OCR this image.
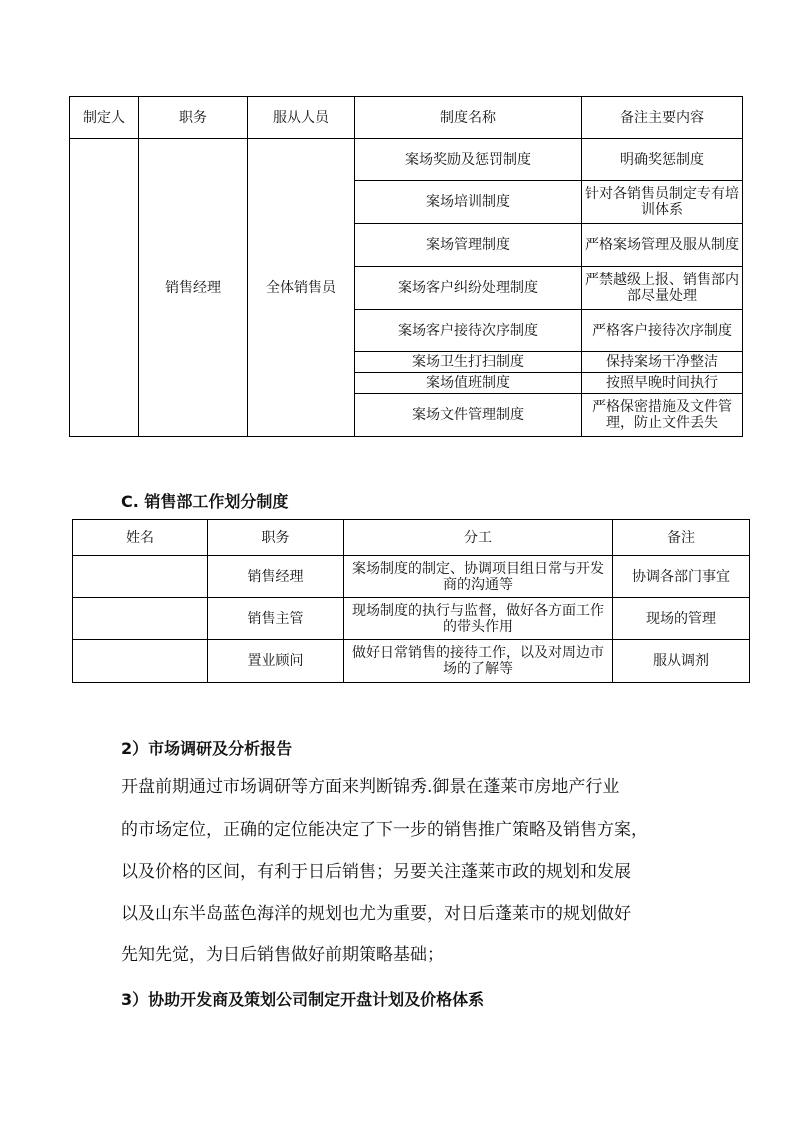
制定人	职务	服从人员	制度名称	备注主要内容
	销售经理	全体销售员	案场奖励及惩罚制度	明确奖惩制度
			案场培训制度	针对各销售员制定专有培训体系
			案场管理制度	严格案场管理及服从制度
			案场客户纠纷处理制度	严禁越级上报、销售部内部尽量处理
			案场客户接待次序制度	严格客户接待次序制度
			案场卫生打扫制度	保持案场干净整洁
			案场值班制度	按照早晚时间执行
			案场文件管理制度	严格保密措施及文件管理，防止文件丢失
C. 销售部工作划分制度
姓名	职务	分工	备注
	销售经理	案场制度的制定、协调项目组日常与开发商的沟通等	协调各部门事宜
	销售主管	现场制度的执行与监督，做好各方面工作的带头作用	现场的管理
	置业顾问	做好日常销售的接待工作，以及对周边市场的了解等	服从调剂
2）市场调研及分析报告
开盘前期通过市场调研等方面来判断锦秀.御景在蓬莱市房地产行业
的市场定位，正确的定位能决定了下一步的销售推广策略及销售方案，
以及价格的区间，有利于日后销售；另要关注蓬莱市政的规划和发展
以及山东半岛蓝色海洋的规划也尤为重要，对日后蓬莱市的规划做好
先知先觉，为日后销售做好前期策略基础；
3）协助开发商及策划公司制定开盘计划及价格体系
